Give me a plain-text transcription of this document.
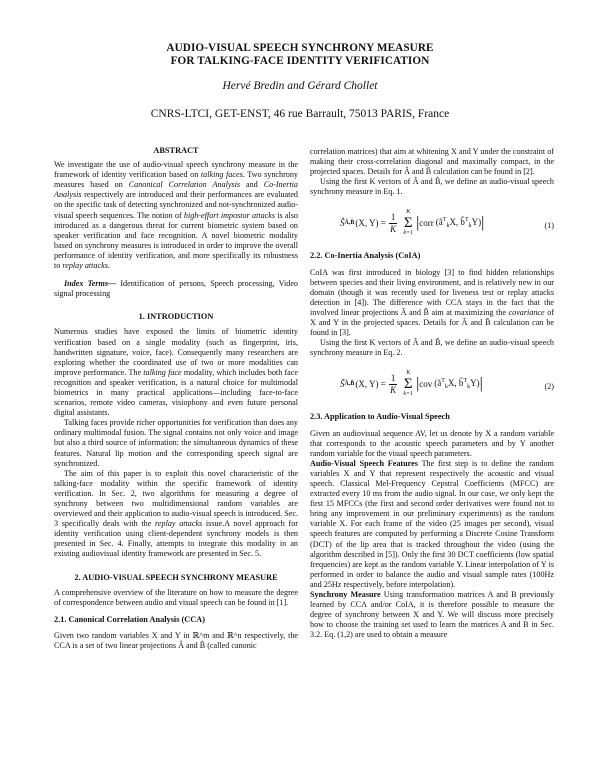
AUDIO-VISUAL SPEECH SYNCHRONY MEASURE
FOR TALKING-FACE IDENTITY VERIFICATION
Hervé Bredin and Gérard Chollet
CNRS-LTCI, GET-ENST, 46 rue Barrault, 75013 PARIS, France
ABSTRACT

We investigate the use of audio-visual speech synchrony measure in the framework of identity verification based on talking faces. Two synchrony measures based on Canonical Correlation Analysis and Co-Inertia Analysis respectively are introduced and their performances are evaluated on the specific task of detecting synchronized and not-synchronized audio-visual speech sequences. The notion of high-effort impostor attacks is also introduced as a dangerous threat for current biometric system based on speaker verification and face recognition. A novel biometric modality based on synchrony measures is introduced in order to improve the overall performance of identity verification, and more specifically its robustness to replay attacks.

Index Terms— Identification of persons, Speech processing, Video signal processing

1. INTRODUCTION

Numerous studies have exposed the limits of biometric identity verification based on a single modality (such as fingerprint, iris, handwritten signature, voice, face). Consequently many researchers are exploring whether the coordinated use of two or more modalities can improve performance. The talking face modality, which includes both face recognition and speaker verification, is a natural choice for multimodal biometrics in many practical applications—including face-to-face scenarios, remote video cameras, visiophony and even future personal digital assistants.

Talking faces provide richer opportunities for verification than does any ordinary multimodal fusion. The signal contains not only voice and image but also a third source of information: the simultaneous dynamics of these features. Natural lip motion and the corresponding speech signal are synchronized.

The aim of this paper is to exploit this novel characteristic of the talking-face modality within the specific framework of identity verification. In Sec. 2, two algorithms for measuring a degree of synchrony between two multidimensional random variables are overviewed and their application to audio-visual speech is introduced. Sec. 3 specifically deals with the replay attacks issue.A novel approach for identity verification using client-dependent synchrony models is then presented in Sec. 4. Finally, attempts to integrate this modality in an existing audiovisual identity framework are presented in Sec. 5.

2. AUDIO-VISUAL SPEECH SYNCHRONY MEASURE

A comprehensive overview of the literature on how to measure the degree of correspondence between audio and visual speech can be found in [1].

2.1. Canonical Correlation Analysis (CCA)

Given two random variables X and Y in ℝ^m and ℝ^n respectively, the CCA is a set of two linear projections Â and B̂ (called canonic

correlation matrices) that aim at whitening X and Y under the constraint of making their cross-correlation diagonal and maximally compact, in the projected spaces. Details for Â and B̂ calculation can be found in [2].

Using the first K vectors of Â and B̂, we define an audio-visual speech synchrony measure in Eq. 1.

Ŝ Â,B̂ (X, $Y) = \frac{1}{K}$ K
Σ
k=1
| corr ($â^T_kX$, b̂$^T_k$Y) |	(1)
2.2. Co-Inertia Analysis (CoIA)

CoIA was first introduced in biology [3] to find hidden relationships between species and their living environment, and is relatively new in our domain (though it was recently used for liveness test or replay attacks detection in [4]). The difference with CCA stays in the fact that the involved linear projections Ã and B̃ aim at maximizing the covariance of X and Y in the projected spaces. Details for Ã and B̃ calculation can be found in [3].

Using the first K vectors of Ã and B̃, we define an audio-visual speech synchrony measure in Eq. 2.

S̃ Ã,B̃ (X, $Y) = \frac{1}{K}$ K
Σ
k=1
| cov ($ã^T_kX$, b̃$^T_k$Y) |	(2)
2.3. Application to Audio-Visual Speech

Given an audiovisual sequence AV, let us denote by X a random variable that corresponds to the acoustic speech parameters and by Y another random variable for the visual speech parameters.

Audio-Visual Speech Features The first step is to define the random variables X and Y that represent respectively the acoustic and visual speech. Classical Mel-Frequency Cepstral Coefficients (MFCC) are extracted every 10 ms from the audio signal. In our case, we only kept the first 15 MFCCs (the first and second order derivatives were found not to bring any improvement in our preliminary experiments) as the random variable X. For each frame of the video (25 images per second), visual speech features are computed by performing a Discrete Cosine Transform (DCT) of the lip area that is tracked throughout the video (using the algorithm described in [5]). Only the first 30 DCT coefficients (low spatial frequencies) are kept as the random variable Y. Linear interpolation of Y is performed in order to balance the audio and visual sample rates (100Hz and 25Hz respectively, before interpolation).

Synchrony Measure Using transformation matrices A and B previously learned by CCA and/or CoIA, it is therefore possible to measure the degree of synchrony between X and Y. We will discuss more precisely how to choose the training set used to learn the matrices A and B in Sec. 3.2. Eq. (1,2) are used to obtain a measure
